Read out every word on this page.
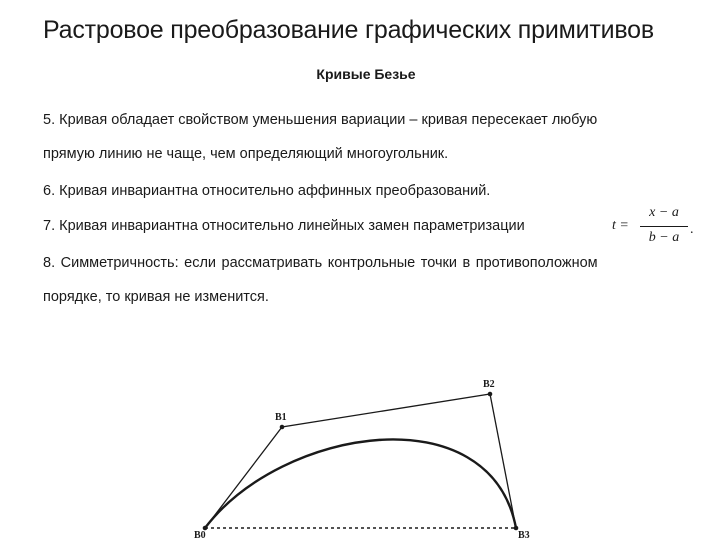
Растровое преобразование графических примитивов
Кривые Безье
5. Кривая обладает свойством уменьшения вариации – кривая пересекает любую
прямую линию не чаще, чем определяющий многоугольник.
6. Кривая инвариантна относительно аффинных преобразований.
7. Кривая инвариантна относительно линейных замен параметризации
8. Симметричность: если рассматривать контрольные точки в противоположном
порядке, то кривая не изменится.
t =
x − a
b − a
.
B0
B1
B2
B3
